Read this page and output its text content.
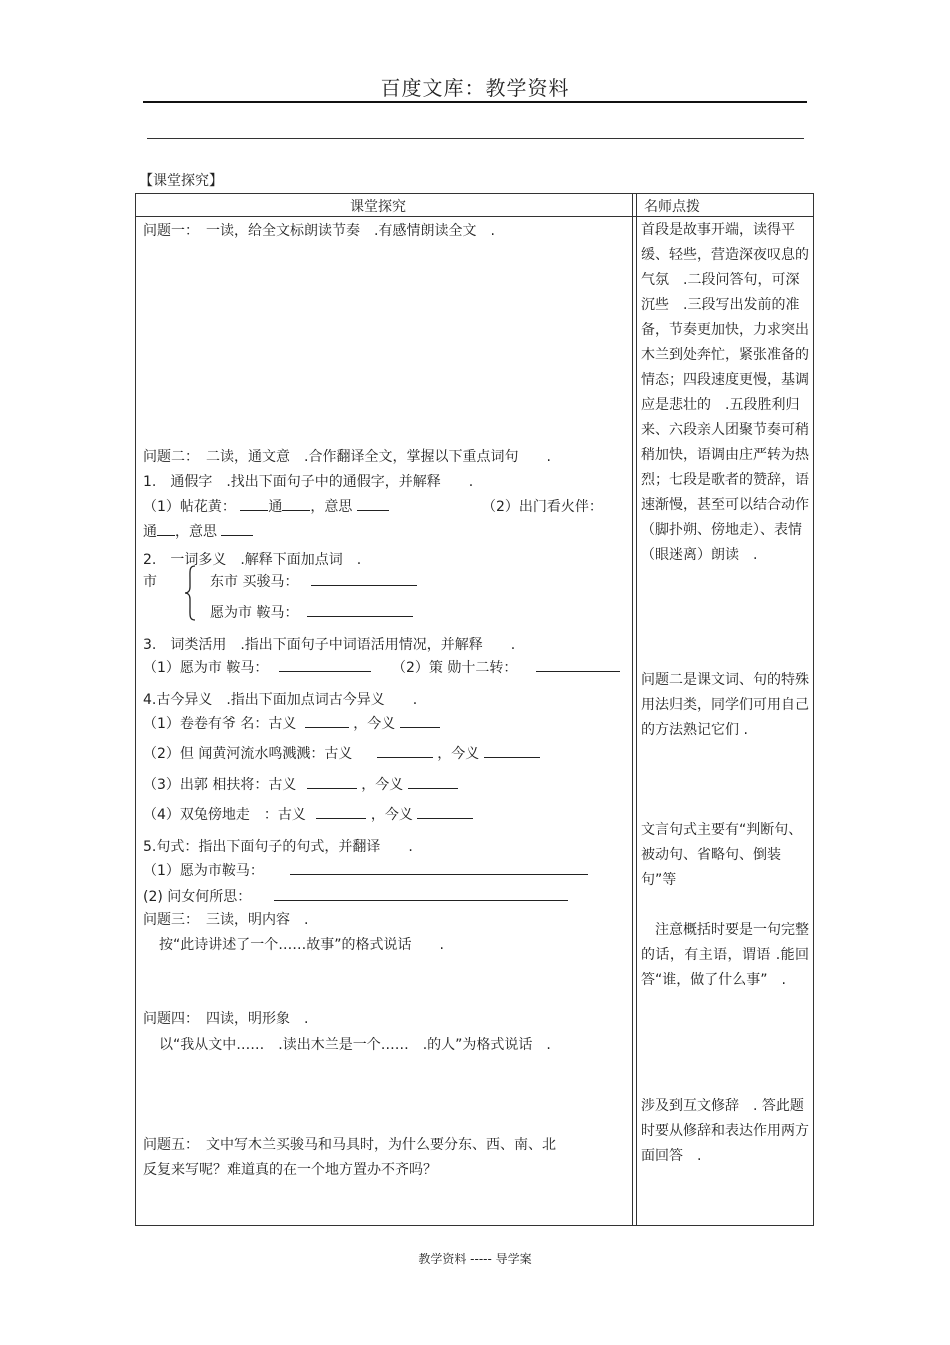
百度文库：教学资料
【课堂探究】
课堂探究	名师点拨
问题一：　一读，给全文标朗读节奏　.有感情朗读全文　.
问题二：　二读，通文意　.合作翻译全文，掌握以下重点词句　　.
1.　通假字　.找出下面句子中的通假字，并解释　　.
（1）帖花黄： 通 ，意思	（2）出门看火伴：
通 ，意思
2.　一词多义　.解释下面加点词　.
市	东市 买骏马：
愿为市 鞍马：
3.　词类活用　.指出下面句子中词语活用情况，并解释　　.
（1）愿为市 鞍马：	（2）策 勋十二转：
4.古今异义　.指出下面加点词古今异义　　.
（1）卷卷有爷 名：古义	，今义
（2）但 闻黄河流水鸣溅溅：古义	，今义
（3）出郭 相扶将：古义	，今义
（4）双兔傍地走　：古义	，今义
5.句式：指出下面句子的句式，并翻译　　.
（1）愿为市鞍马：
(2) 问女何所思：
问题三：　三读，明内容　.
按“此诗讲述了一个……故事”的格式说话　　.
问题四：　四读，明形象　.
以“我从文中……　.读出木兰是一个……　.的人”为格式说话　.
问题五：　文中写木兰买骏马和马具时，为什么要分东、西、南、北
反复来写呢？难道真的在一个地方置办不齐吗？
首段是故事开端，读得平缓、轻些，营造深夜叹息的气氛　.二段问答句，可深沉些　.三段写出发前的准备，节奏更加快，力求突出木兰到处奔忙，紧张准备的情态；四段速度更慢，基调应是悲壮的　.五段胜利归来、六段亲人团聚节奏可稍稍加快，语调由庄严转为热烈；七段是歌者的赞辞，语速渐慢，甚至可以结合动作（脚扑朔、傍地走）、表情（眼迷离）朗读　.
问题二是课文词、句的特殊用法归类，同学们可用自己的方法熟记它们 .
文言句式主要有“判断句、被动句、省略句、倒装句”等
注意概括时要是一句完整的话，有主语，谓语 .能回答“谁，做了什么事”　.
涉及到互文修辞　. 答此题时要从修辞和表达作用两方面回答　.
教学资料 ----- 导学案
